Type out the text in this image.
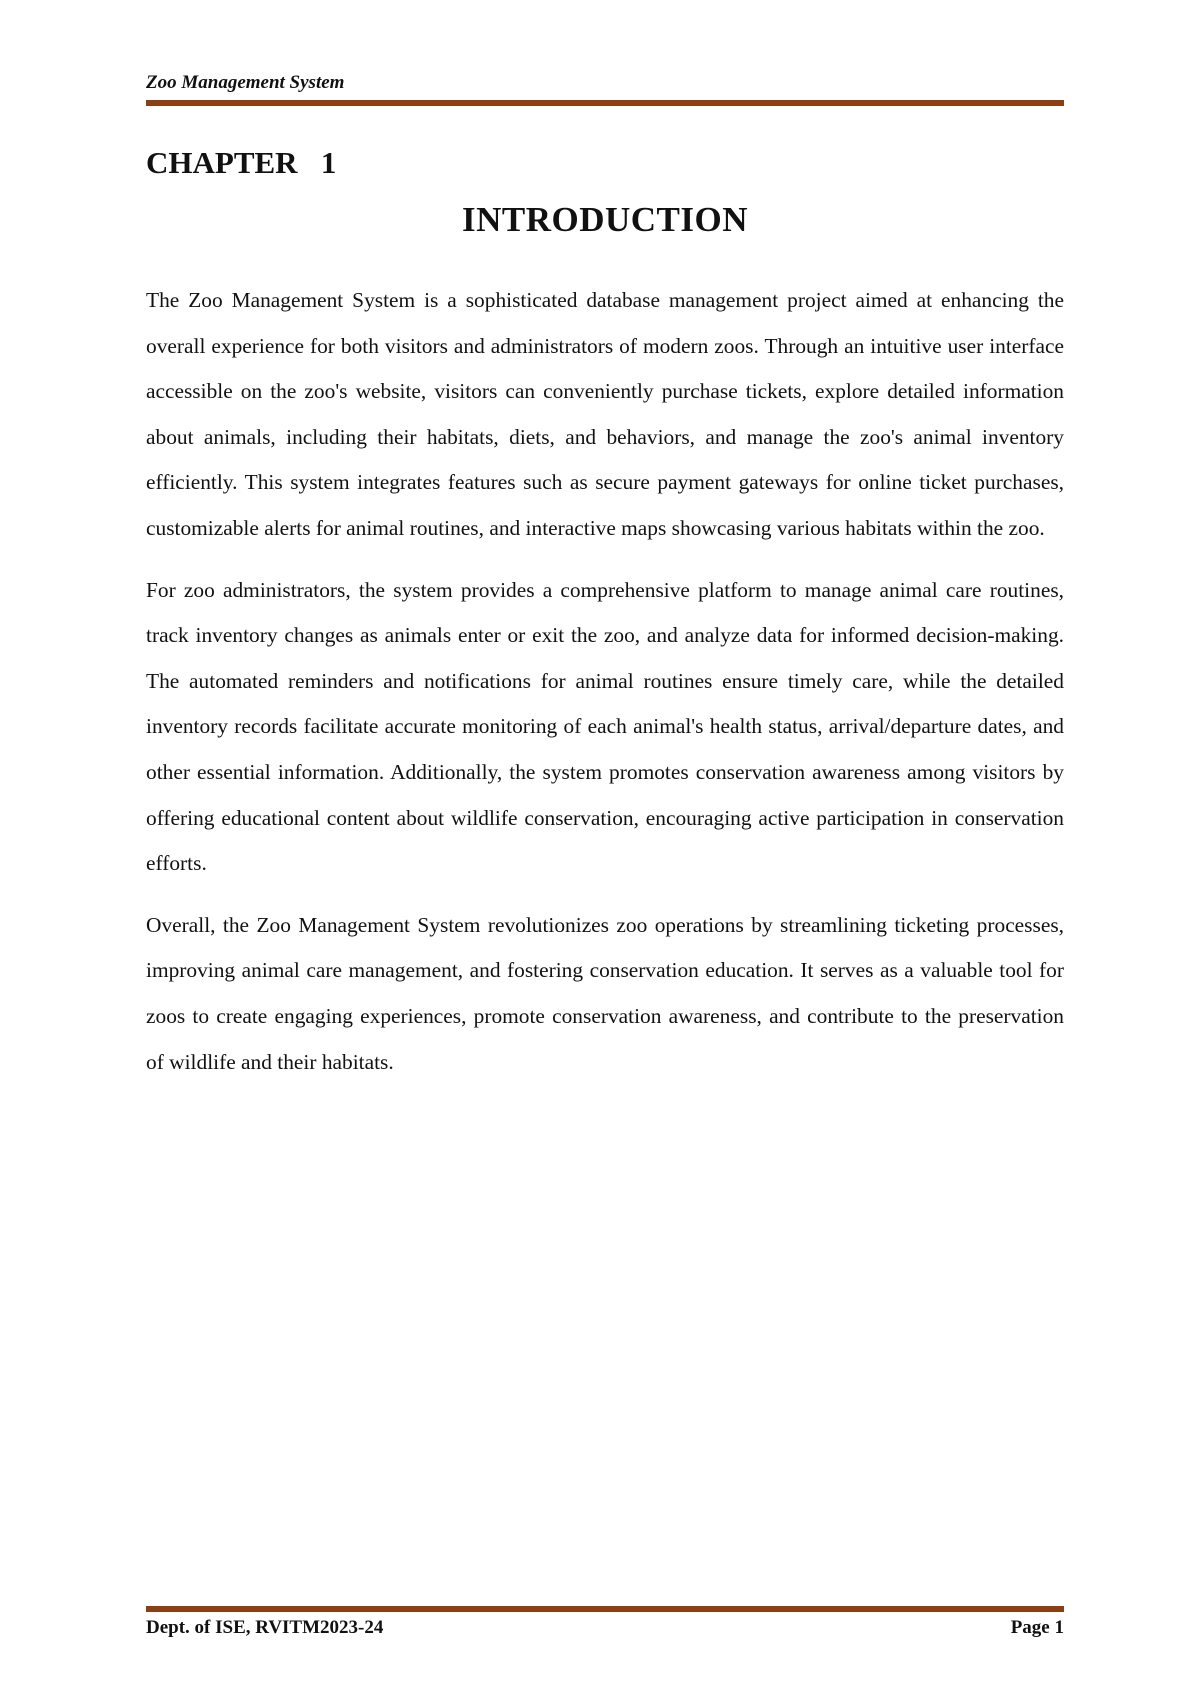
Zoo Management System
CHAPTER   1
INTRODUCTION

The Zoo Management System is a sophisticated database management project aimed at enhancing the overall experience for both visitors and administrators of modern zoos. Through an intuitive user interface accessible on the zoo's website, visitors can conveniently purchase tickets, explore detailed information about animals, including their habitats, diets, and behaviors, and manage the zoo's animal inventory efficiently. This system integrates features such as secure payment gateways for online ticket purchases, customizable alerts for animal routines, and interactive maps showcasing various habitats within the zoo.

For zoo administrators, the system provides a comprehensive platform to manage animal care routines, track inventory changes as animals enter or exit the zoo, and analyze data for informed decision-making. The automated reminders and notifications for animal routines ensure timely care, while the detailed inventory records facilitate accurate monitoring of each animal's health status, arrival/departure dates, and other essential information. Additionally, the system promotes conservation awareness among visitors by offering educational content about wildlife conservation, encouraging active participation in conservation efforts.

Overall, the Zoo Management System revolutionizes zoo operations by streamlining ticketing processes, improving animal care management, and fostering conservation education. It serves as a valuable tool for zoos to create engaging experiences, promote conservation awareness, and contribute to the preservation of wildlife and their habitats.

Dept. of ISE, RVITM2023-24	Page 1
